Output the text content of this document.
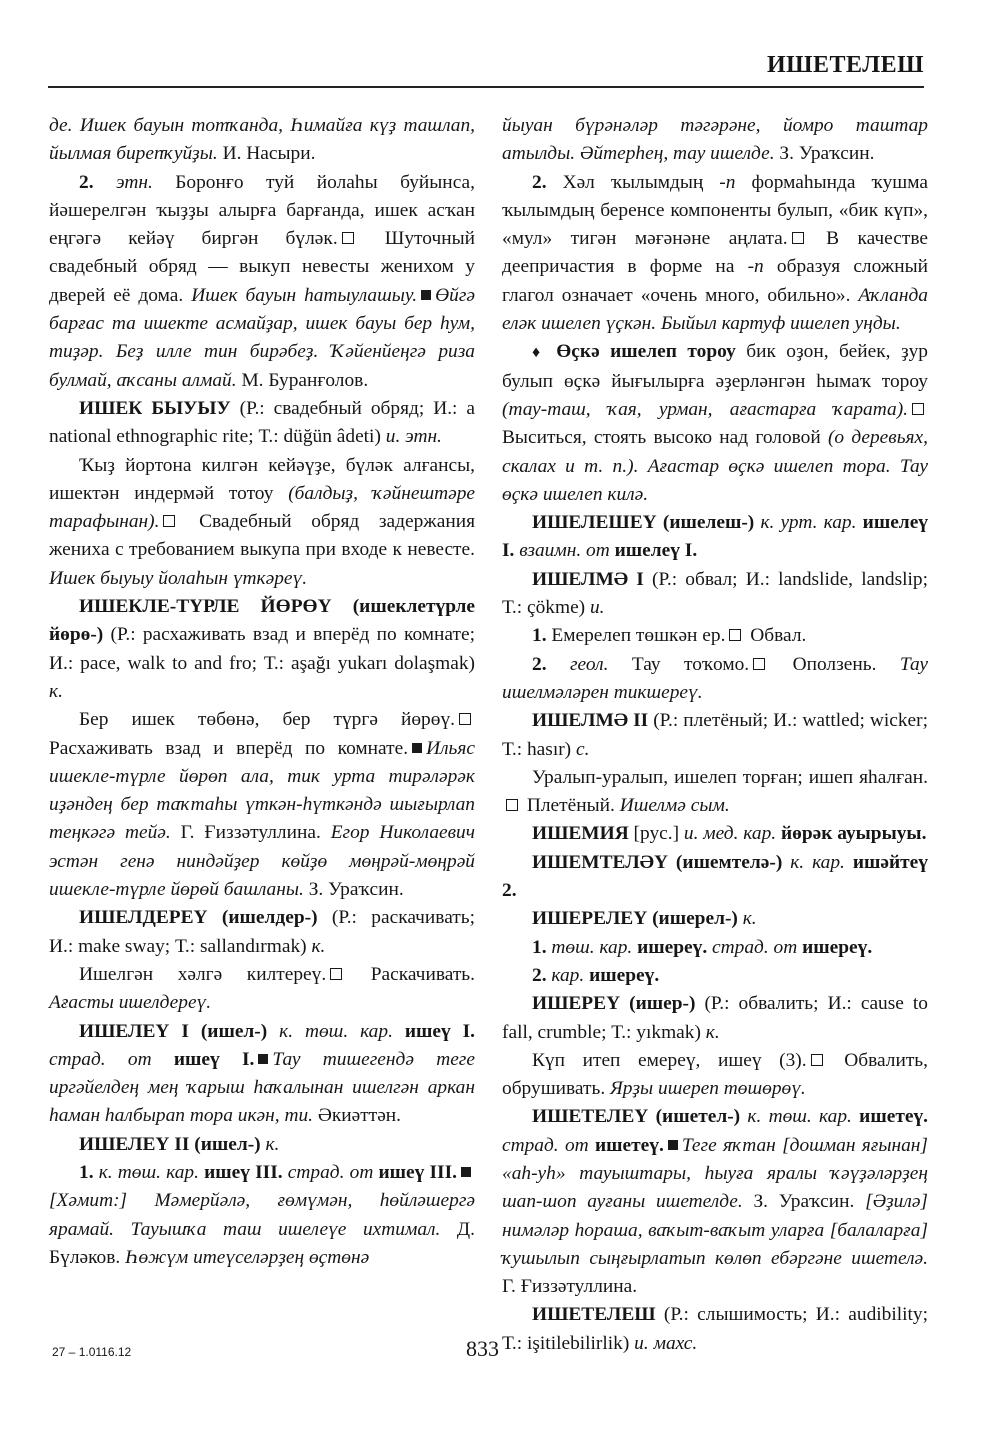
ИШЕТЕЛЕШ

де. Ишек бауын тотҡанда, Һимайға күҙ ташлап, йылмая бирепҡуйҙы. И. Насыри.

2. этн. Боронғо туй йолаһы буйынса, йәшерелгән ҡыҙҙы алырға барғанда, ишек асҡан еңгәгә кейәү биргән бүләк. Шуточный свадебный обряд — выкуп невесты женихом у дверей её дома. Ишек бауын һатыулашыу. Өйгә барғас та ишекте асмайҙар, ишек бауы бер һум, тиҙәр. Беҙ илле тин бирәбеҙ. Ҡәйенйеңгә риза булмай, аҡсаны алмай. М. Буранғолов.

ИШЕК БЫУЫУ (Р.: свадебный обряд; И.: a national ethnographic rite; Т.: düğün âdeti) и. этн.

Ҡыҙ йортона килгән кейәүҙе, бүләк алғансы, ишектән индермәй тотоу (балдыҙ, ҡәйнештәре тарафынан). Свадебный обряд задержания жениха с требованием выкупа при входе к невесте. Ишек быуыу йолаһын үткәреү.

ИШЕКЛЕ-ТҮРЛЕ ЙӨРӨҮ (ишеклетүрле йөрө-) (Р.: расхаживать взад и вперёд по комнате; И.: pace, walk to and fro; Т.: aşağı yukarı dolaşmak) к.

Бер ишек төбөнә, бер түргә йөрөү. Расхаживать взад и вперёд по комнате. Ильяс ишекле-түрле йөрөп ала, тик урта тирәләрәк иҙәндең бер таҡтаһы үткән-һүткәндә шығырлап теңкәгә тейә. Г. Ғиззәтуллина. Егор Николаевич эстән генә ниндәйҙер көйҙө мөңрәй-мөңрәй ишекле-түрле йөрөй башланы. З. Ураҡсин.

ИШЕЛДЕРЕҮ (ишелдер-) (Р.: раскачивать; И.: make sway; Т.: sallandırmak) к.

Ишелгән хәлгә килтереү. Раскачивать. Ағасты ишелдереү.

ИШЕЛЕҮ I (ишел-) к. төш. кар. ишеү I. страд. от ишеү I. Тау тишегендә теге иргәйелдең мең ҡарыш һаҡалынан ишелгән аркан һаман һалбырап тора икән, ти. Әкиәттән.

ИШЕЛЕҮ II (ишел-) к.

1. к. төш. кар. ишеү III. страд. от ишеү III.[Хәмит:] Мәмерйәлә, ғөмүмән, һөйләшергә ярамай. Тауышҡа таш ишелеүе ихтимал. Д. Бүләков. Һөжүм итеүселәрҙең өҫтөнә

йыуан бүрәнәләр тәгәрәне, йомро таштар атылды. Әйтерһең, тау ишелде. З. Ураҡсин.

2. Хәл ҡылымдың -п формаһында ҡушма ҡылымдың беренсе компоненты булып, «бик күп», «мул» тигән мәғәнәне аңлата. В качестве деепричастия в форме на -п образуя сложный глагол означает «очень много, обильно». Аҡланда еләк ишелеп үҫкән. Быйыл картуф ишелеп уңды.

♦ Өҫкә ишелеп тороу бик оҙон, бейек, ҙур булып өҫкә йығылырға әҙерләнгән һымаҡ тороу (тау-таш, ҡая, урман, ағастарға ҡарата). Выситься, стоять высоко над головой (о деревьях, скалах и т. п.). Ағастар өҫкә ишелеп тора. Тау өҫкә ишелеп килә.

ИШЕЛЕШЕҮ (ишелеш-) к. урт. кар. ишелеү I. взаимн. от ишелеү I.

ИШЕЛМӘ I (Р.: обвал; И.: landslide, landslip; Т.: çökme) и.

1. Емерелеп төшкән ер. Обвал.

2. геол. Тау тоҡомо. Оползень. Тау ишелмәләрен тикшереү.

ИШЕЛМӘ II (Р.: плетёный; И.: wattled; wicker; Т.: hasır) с.

Уралып-уралып, ишелеп торған; ишеп яһалған. Плетёный. Ишелмә сым.

ИШЕМИЯ [рус.] и. мед. кар. йөрәк ауырыуы.

ИШЕМТЕЛӘҮ (ишемтелә-) к. кар. ишәйтеү 2.

ИШЕРЕЛЕҮ (ишерел-) к.

1. төш. кар. ишереү. страд. от ишереү.

2. кар. ишереү.

ИШЕРЕҮ (ишер-) (Р.: обвалить; И.: cause to fall, crumble; Т.: yıkmak) к.

Күп итеп емереү, ишеү (3). Обвалить, обрушивать. Ярҙы ишереп төшөрөү.

ИШЕТЕЛЕҮ (ишетел-) к. төш. кар. ишетеү. страд. от ишетеү. Теге яҡтан [дошман яғынан] «аһ-уһ» тауыштары, һыуға яралы ҡәүҙәләрҙең шап-шоп ауғаны ишетелде. З. Ураҡсин. [Әҙилә] нимәләр һораша, ваҡыт-ваҡыт уларға [балаларға] ҡушылып сыңғырлатып көлөп ебәргәне ишетелә. Г. Ғиззәтуллина.

ИШЕТЕЛЕШ (Р.: слышимость; И.: audibility; Т.: işitilebilirlik) и. махс.

27 – 1.0116.12	833
